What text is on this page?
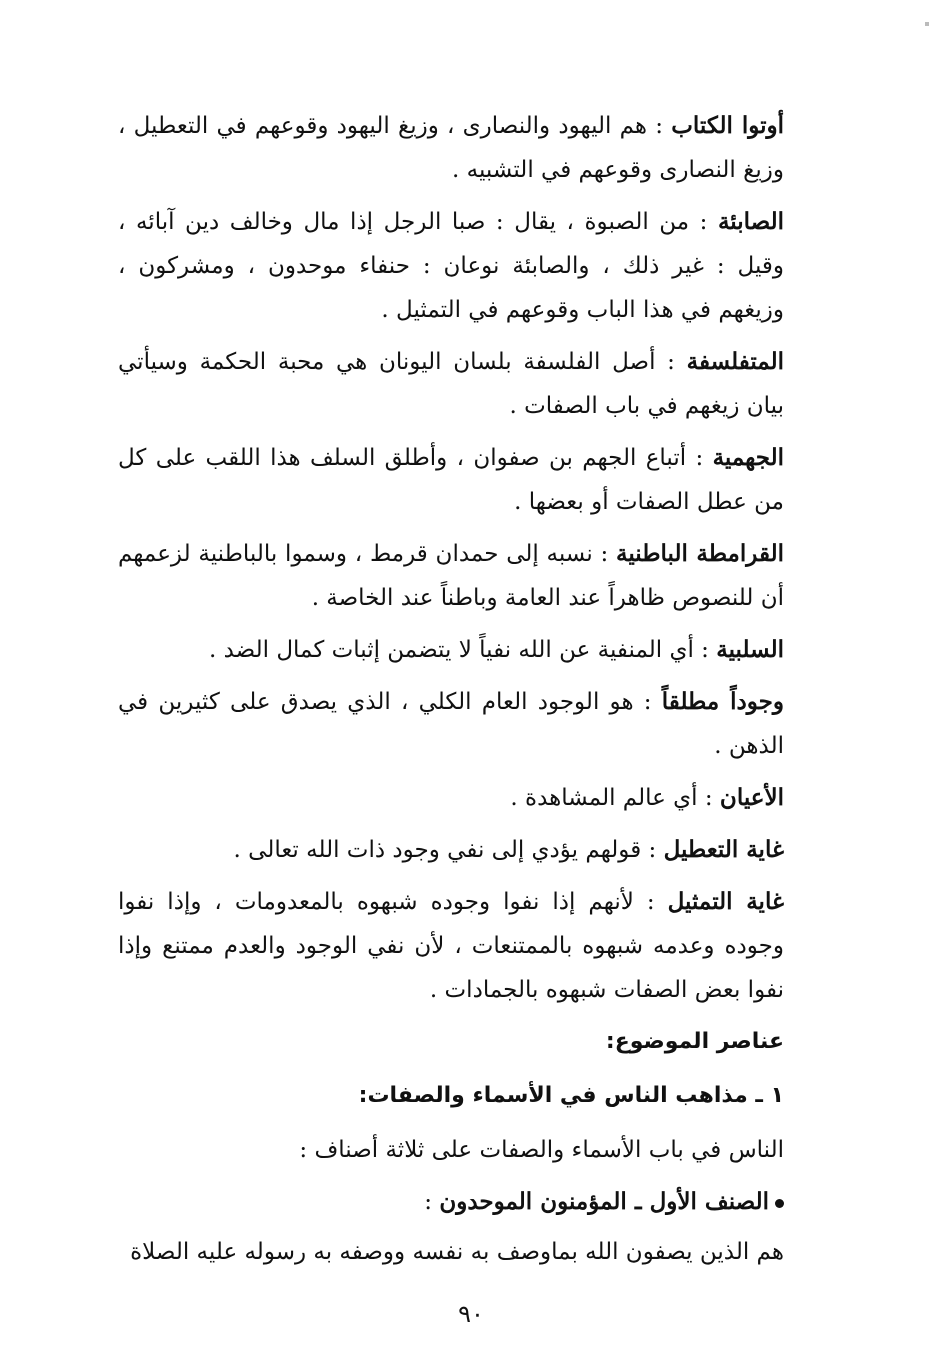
أوتوا الكتاب : هم اليهود والنصارى ، وزيغ اليهود وقوعهم في التعطيل ، وزيغ النصارى وقوعهم في التشبيه .

الصابئة : من الصبوة ، يقال : صبا الرجل إذا مال وخالف دين آبائه ، وقيل : غير ذلك ، والصابئة نوعان : حنفاء موحدون ، ومشركون ، وزيغهم في هذا الباب وقوعهم في التمثيل .

المتفلسفة : أصل الفلسفة بلسان اليونان هي محبة الحكمة وسيأتي بيان زيغهم في باب الصفات .

الجهمية : أتباع الجهم بن صفوان ، وأطلق السلف هذا اللقب على كل من عطل الصفات أو بعضها .

القرامطة الباطنية : نسبه إلى حمدان قرمط ، وسموا بالباطنية لزعمهم أن للنصوص ظاهراً عند العامة وباطناً عند الخاصة .

السلبية : أي المنفية عن الله نفياً لا يتضمن إثبات كمال الضد .

وجوداً مطلقاً : هو الوجود العام الكلي ، الذي يصدق على كثيرين في الذهن .

الأعيان : أي عالم المشاهدة .

غاية التعطيل : قولهم يؤدي إلى نفي وجود ذات الله تعالى .

غاية التمثيل : لأنهم إذا نفوا وجوده شبهوه بالمعدومات ، وإذا نفوا وجوده وعدمه شبهوه بالممتنعات ، لأن نفي الوجود والعدم ممتنع وإذا نفوا بعض الصفات شبهوه بالجمادات .

عناصر الموضوع:
١ ـ مذاهب الناس في الأسماء والصفات:

الناس في باب الأسماء والصفات على ثلاثة أصناف :

الصنف الأول ـ المؤمنون الموحدون :

هم الذين يصفون الله بماوصف به نفسه ووصفه به رسوله عليه الصلاة

٩٠
